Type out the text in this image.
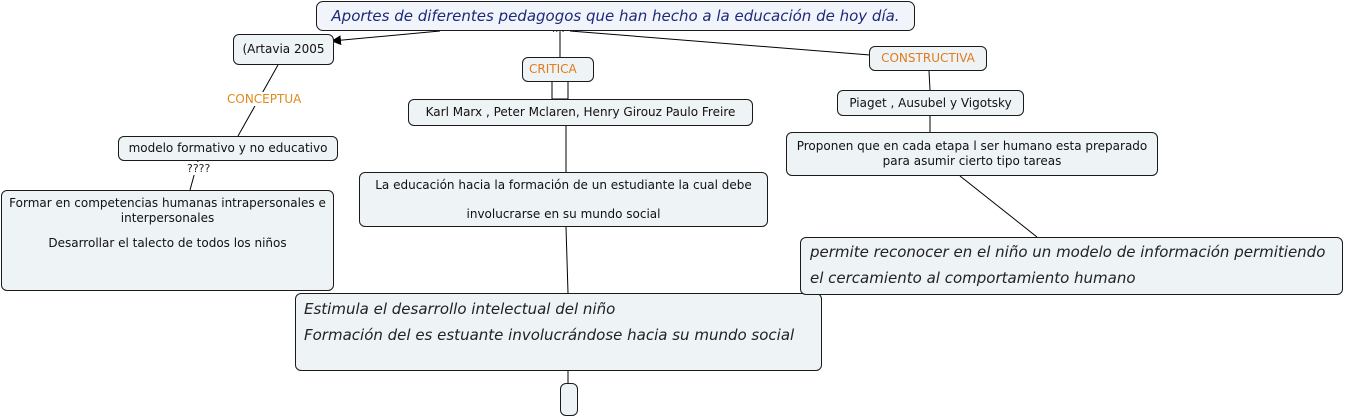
Aportes de diferentes pedagogos que han hecho a la educación de hoy día.
....
(Artavia 2005
CONCEPTUA
modelo formativo y no educativo
????

Formar en competencias humanas intrapersonales e interpersonales

Desarrollar el talecto de todos los niños

CRITICA
Karl Marx , Peter Mclaren, Henry Girouz Paulo Freire

La educación hacia la formación de un estudiante la cual debe

involucrarse en su mundo social

Estimula el desarrollo intelectual del niño

Formación del es estuante involucrándose hacia su mundo social

CONSTRUCTIVA
Piaget , Ausubel y Vigotsky

Proponen que en cada etapa l ser humano esta preparado

para asumir cierto tipo tareas

permite reconocer en el niño un modelo de información permitiendo

el cercamiento al comportamiento humano
